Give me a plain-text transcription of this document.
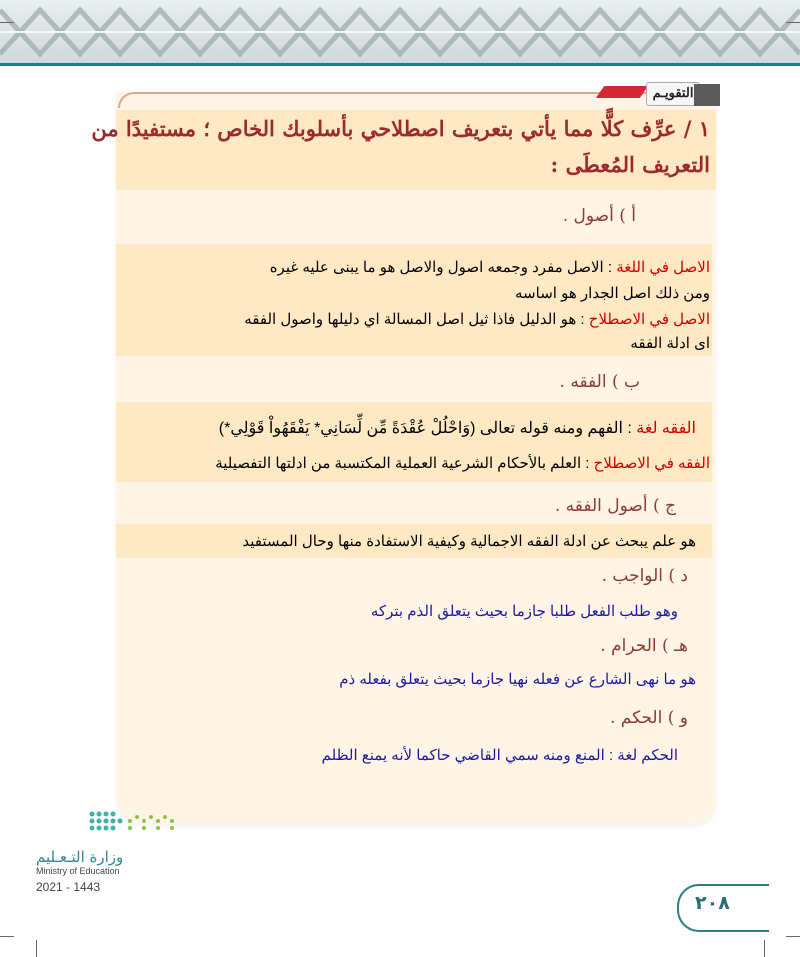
التقويـم
١ / عرِّف كلًّا مما يأتي بتعريف اصطلاحي بأسلوبك الخاص ؛ مستفيدًا من
التعريف المُعطَى :
أ ) أصول .
الاصل في اللغة : الاصل مفرد وجمعه اصول والاصل هو ما يبنى عليه غيره
ومن ذلك اصل الجدار هو اساسه
الاصل في الاصطلاح : هو الدليل فاذا ثيل اصل المسالة اي دليلها واصول الفقه
اى ادلة الفقه
ب ) الفقه .
الفقه لغة : الفهم ومنه قوله تعالى (وَاحْلُلْ عُقْدَةً مِّن لِّسَانِي* يَفْقَهُواْ قَوْلِي*)
الفقه في الاصطلاح : العلم بالأحكام الشرعية العملية المكتسبة من ادلتها التفصيلية
ج ) أصول الفقه .
هو علم يبحث عن ادلة الفقه الاجمالية وكيفية الاستفادة منها وحال المستفيد
د ) الواجب .
وهو طلب الفعل طلبا جازما بحيث يتعلق الذم بتركه
هـ ) الحرام .
هو ما نهى الشارع عن فعله نهيا جازما بحيث يتعلق بفعله ذم
و ) الحكم .
الحكم لغة : المنع ومنه سمي القاضي حاكما لأنه يمنع الظلم
وزارة التـعـليم
Ministry of Education
2021 - 1443
٢٠٨
